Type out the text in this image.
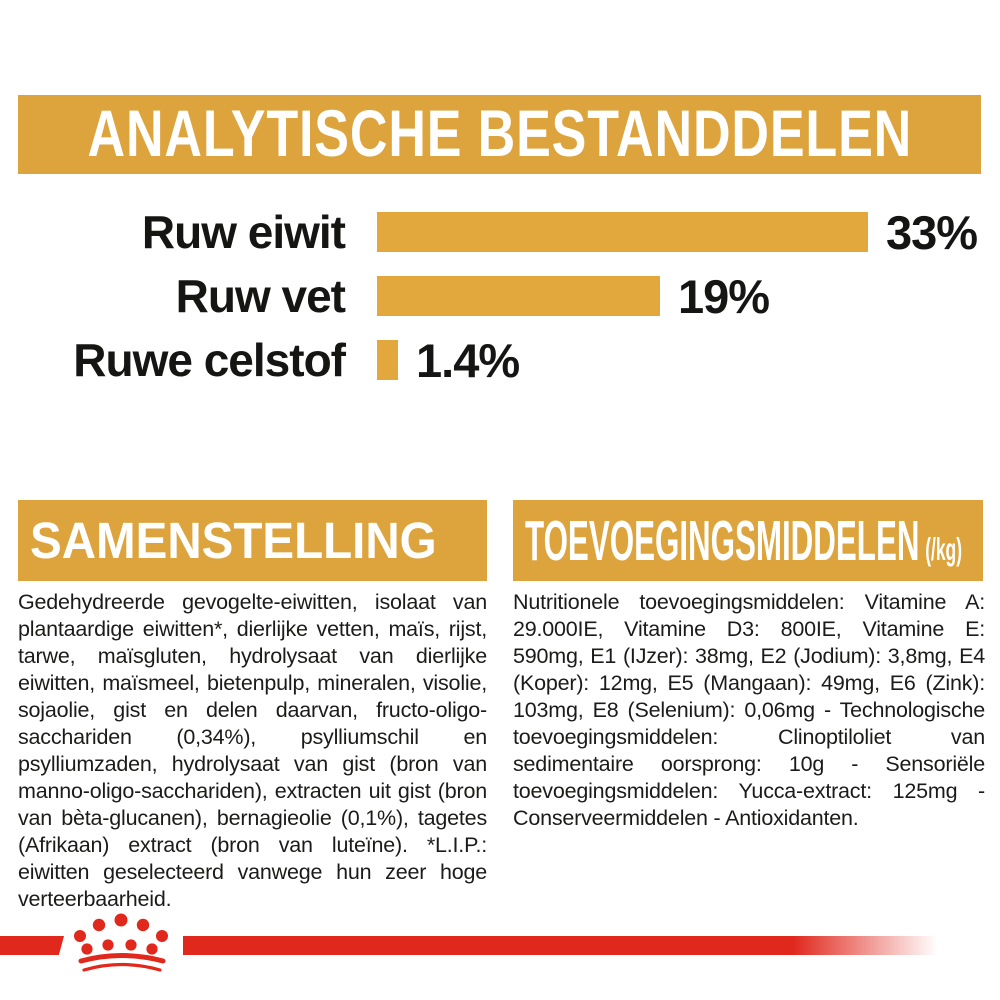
ANALYTISCHE BESTANDDELEN
Ruw eiwit	33%
Ruw vet	19%
Ruwe celstof 1.4%
SAMENSTELLING
Gedehydreerde gevogelte-eiwitten, isolaat van plantaardige eiwitten*, dierlijke vetten, maïs, rijst, tarwe, maïsgluten, hydrolysaat van dierlijke eiwitten, maïsmeel, bietenpulp, mineralen, visolie, sojaolie, gist en delen daarvan, fructo-oligo-sacchariden (0,34%), psylliumschil en psylliumzaden, hydrolysaat van gist (bron van manno-oligo-sacchariden), extracten uit gist (bron van bèta-glucanen), bernagieolie (0,1%), tagetes (Afrikaan) extract (bron van luteïne). *L.I.P.: eiwitten geselecteerd vanwege hun zeer hoge verteerbaarheid.
TOEVOEGINGSMIDDELEN (/kg)
Nutritionele toevoegingsmiddelen: Vitamine A: 29.000IE, Vitamine D3: 800IE, Vitamine E: 590mg, E1 (IJzer): 38mg, E2 (Jodium): 3,8mg, E4 (Koper): 12mg, E5 (Mangaan): 49mg, E6 (Zink): 103mg, E8 (Selenium): 0,06mg - Technologische toevoegingsmiddelen: Clinoptiloliet van sedimentaire oorsprong: 10g - Sensoriële toevoegingsmiddelen: Yucca-extract: 125mg - Conserveermiddelen - Antioxidanten.
